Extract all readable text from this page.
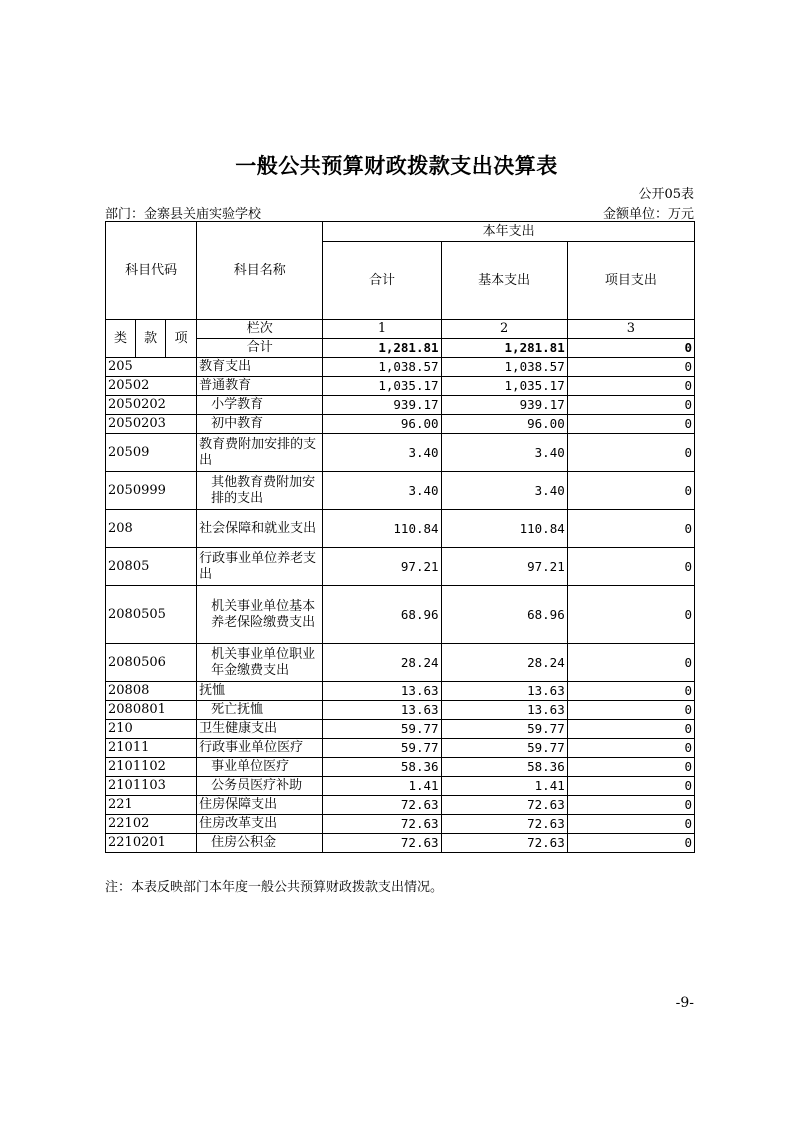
一般公共预算财政拨款支出决算表
公开05表
部门：金寨县关庙实验学校	金额单位：万元
科目代码			科目名称	本年支出		
				合计	基本支出	项目支出
类	款	项	栏次	1	2	3
			合计	1,281.81	1,281.81	0
205			教育支出	1,038.57	1,038.57	0
20502			普通教育	1,035.17	1,035.17	0
2050202			小学教育	939.17	939.17	0
2050203			初中教育	96.00	96.00	0
20509			教育费附加安排的支出	3.40	3.40	0
2050999			其他教育费附加安排的支出	3.40	3.40	0
208			社会保障和就业支出	110.84	110.84	0
20805			行政事业单位养老支出	97.21	97.21	0
2080505			机关事业单位基本养老保险缴费支出	68.96	68.96	0
2080506			机关事业单位职业年金缴费支出	28.24	28.24	0
20808			抚恤	13.63	13.63	0
2080801			死亡抚恤	13.63	13.63	0
210			卫生健康支出	59.77	59.77	0
21011			行政事业单位医疗	59.77	59.77	0
2101102			事业单位医疗	58.36	58.36	0
2101103			公务员医疗补助	1.41	1.41	0
221			住房保障支出	72.63	72.63	0
22102			住房改革支出	72.63	72.63	0
2210201			住房公积金	72.63	72.63	0
注：本表反映部门本年度一般公共预算财政拨款支出情况。
-9-
